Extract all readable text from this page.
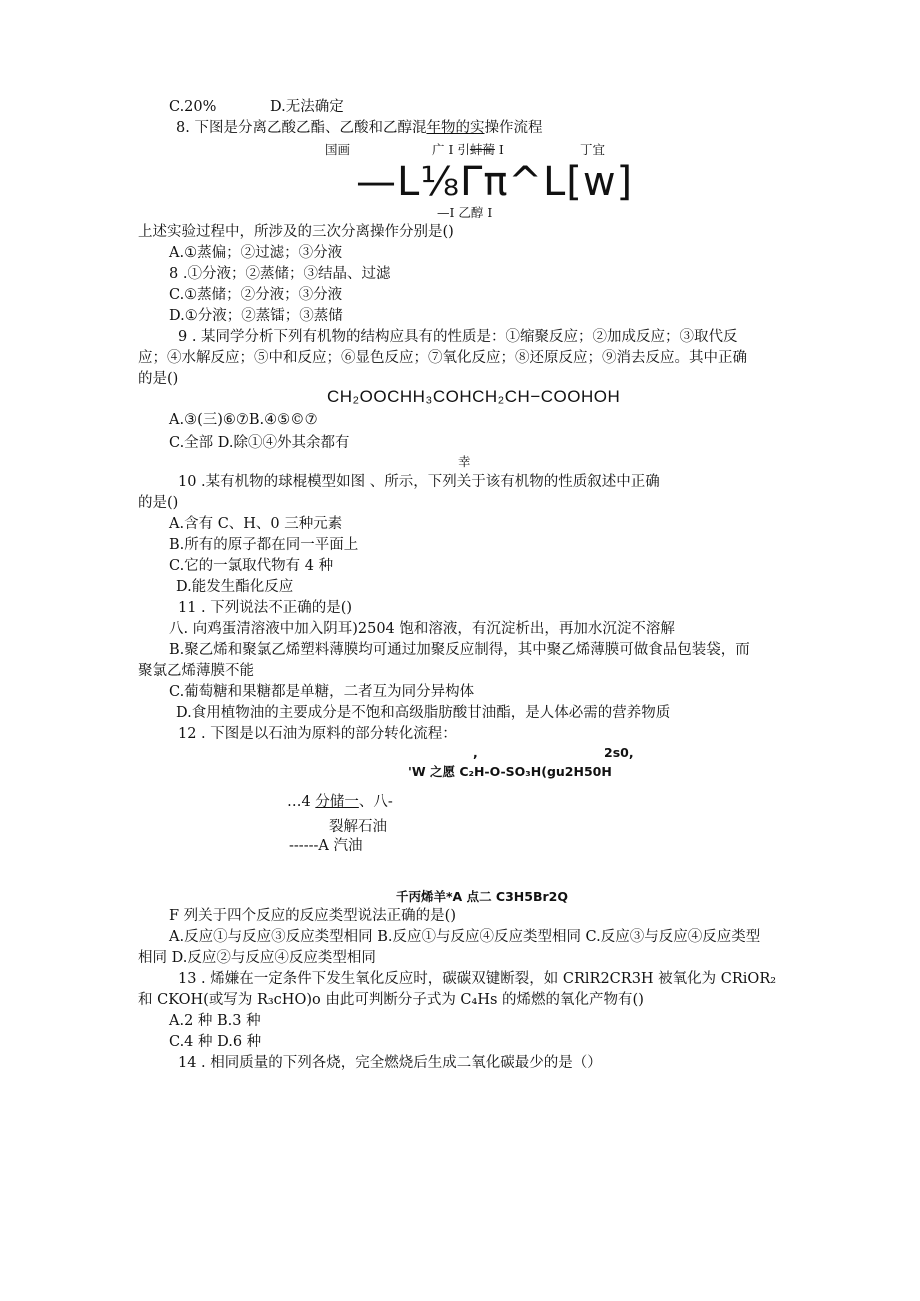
C.20%	D.无法确定
8. 下图是分离乙酸乙酯、乙酸和乙醇混年物的实操作流程
国画	广 I 引蚌蔺 I	丁宜
—L⅛Γπ^L[w]
—I 乙醇 I
上述实验过程中，所涉及的三次分离操作分别是()
A.①蒸偏；②过滤；③分液
8 .①分液；②蒸储；③结晶、过滤
C.①蒸储；②分液；③分液
D.①分液；②蒸镭；③蒸储
9 . 某同学分析下列有机物的结构应具有的性质是：①缩聚反应；②加成反应；③取代反
应；④水解反应；⑤中和反应；⑥显色反应；⑦氧化反应；⑧还原反应；⑨消去反应。其中正确
的是()
CH₂OOCHH₃COHCH₂CH−COOHOH
A.③(三)⑥⑦B.④⑤©⑦
C.全部 D.除①④外其余都有
幸
10 .某有机物的球棍模型如图 、所示，下列关于该有机物的性质叙述中正确
的是()
A.含有 C、H、0 三种元素
B.所有的原子都在同一平面上
C.它的一氯取代物有 4 种
D.能发生酯化反应
11 . 下列说法不正确的是()
八. 向鸡蛋清溶液中加入阴耳)2504 饱和溶液，有沉淀析出，再加水沉淀不溶解
B.聚乙烯和聚氯乙烯塑料薄膜均可通过加聚反应制得，其中聚乙烯薄膜可做食品包装袋，而
聚氯乙烯薄膜不能
C.葡萄糖和果糖都是单糖，二者互为同分异构体
D.食用植物油的主要成分是不饱和高级脂肪酸甘油酯，是人体必需的营养物质
12 . 下图是以石油为原料的部分转化流程：
,	2s0,
'W 之愿 C₂H-O-SO₃H(gu2H50H
…4 分储一、八-
裂解石油
------A 汽油
千丙烯羊*A 点二 C3H5Br2Q
F 列关于四个反应的反应类型说法正确的是()
A.反应①与反应③反应类型相同 B.反应①与反应④反应类型相同 C.反应③与反应④反应类型
相同 D.反应②与反应④反应类型相同
13 . 烯嫌在一定条件下发生氧化反应时，碳碳双键断裂，如 CRlR2CR3H 被氧化为 CRiOR₂
和 CKOH(或写为 R₃cHO)o 由此可判断分子式为 C₄Hs 的烯燃的氧化产物有()
A.2 种 B.3 种
C.4 种 D.6 种
14 . 相同质量的下列各烧，完全燃烧后生成二氧化碳最少的是（）
